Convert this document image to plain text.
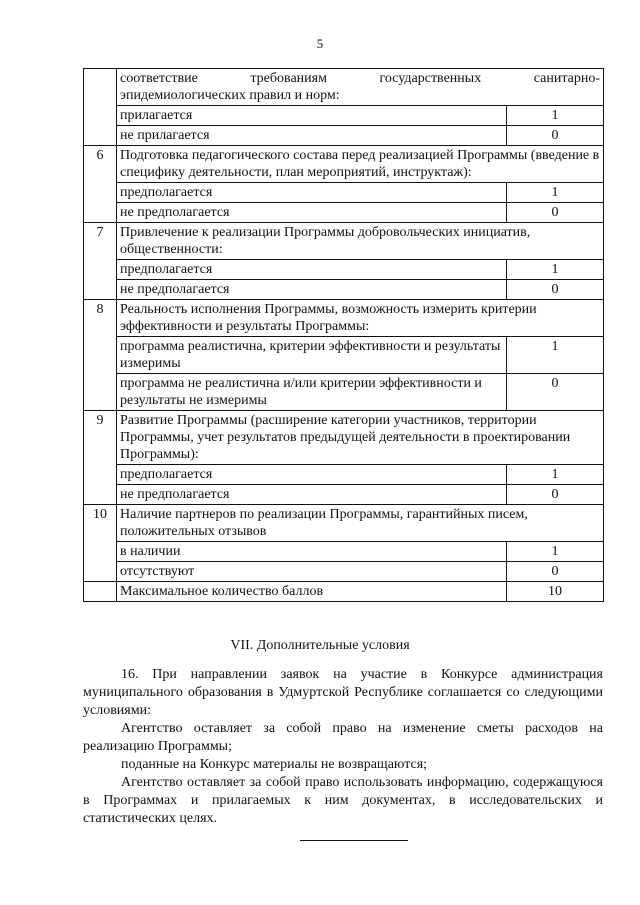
5

	соответствие требованиям государственных санитарно-
эпидемиологических правил и норм:	

	прилагается	1
	не прилагается	0
6	Подготовка педагогического состава перед реализацией Программы (введение в специфику деятельности, план мероприятий, инструктаж):	
	предполагается	1
	не предполагается	0
7	Привлечение к реализации Программы добровольческих инициатив, общественности:	
	предполагается	1
	не предполагается	0
8	Реальность исполнения Программы, возможность измерить критерии эффективности и результаты Программы:	
	программа реалистична, критерии эффективности и результаты измеримы	1
	программа не реалистична и/или критерии эффективности и результаты не измеримы	0
9	Развитие Программы (расширение категории участников, территории Программы, учет результатов предыдущей деятельности в проектировании Программы):	
	предполагается	1
	не предполагается	0
10	Наличие партнеров по реализации Программы, гарантийных писем, положительных отзывов	
	в наличии	1
	отсутствуют	0
	Максимальное количество баллов	10
VII. Дополнительные условия

16. При направлении заявок на участие в Конкурсе администрация муниципального образования в Удмуртской Республике соглашается со следующими условиями:

Агентство оставляет за собой право на изменение сметы расходов на реализацию Программы;

поданные на Конкурс материалы не возвращаются;

Агентство оставляет за собой право использовать информацию, содержащуюся в Программах и прилагаемых к ним документах, в исследовательских и статистических целях.
